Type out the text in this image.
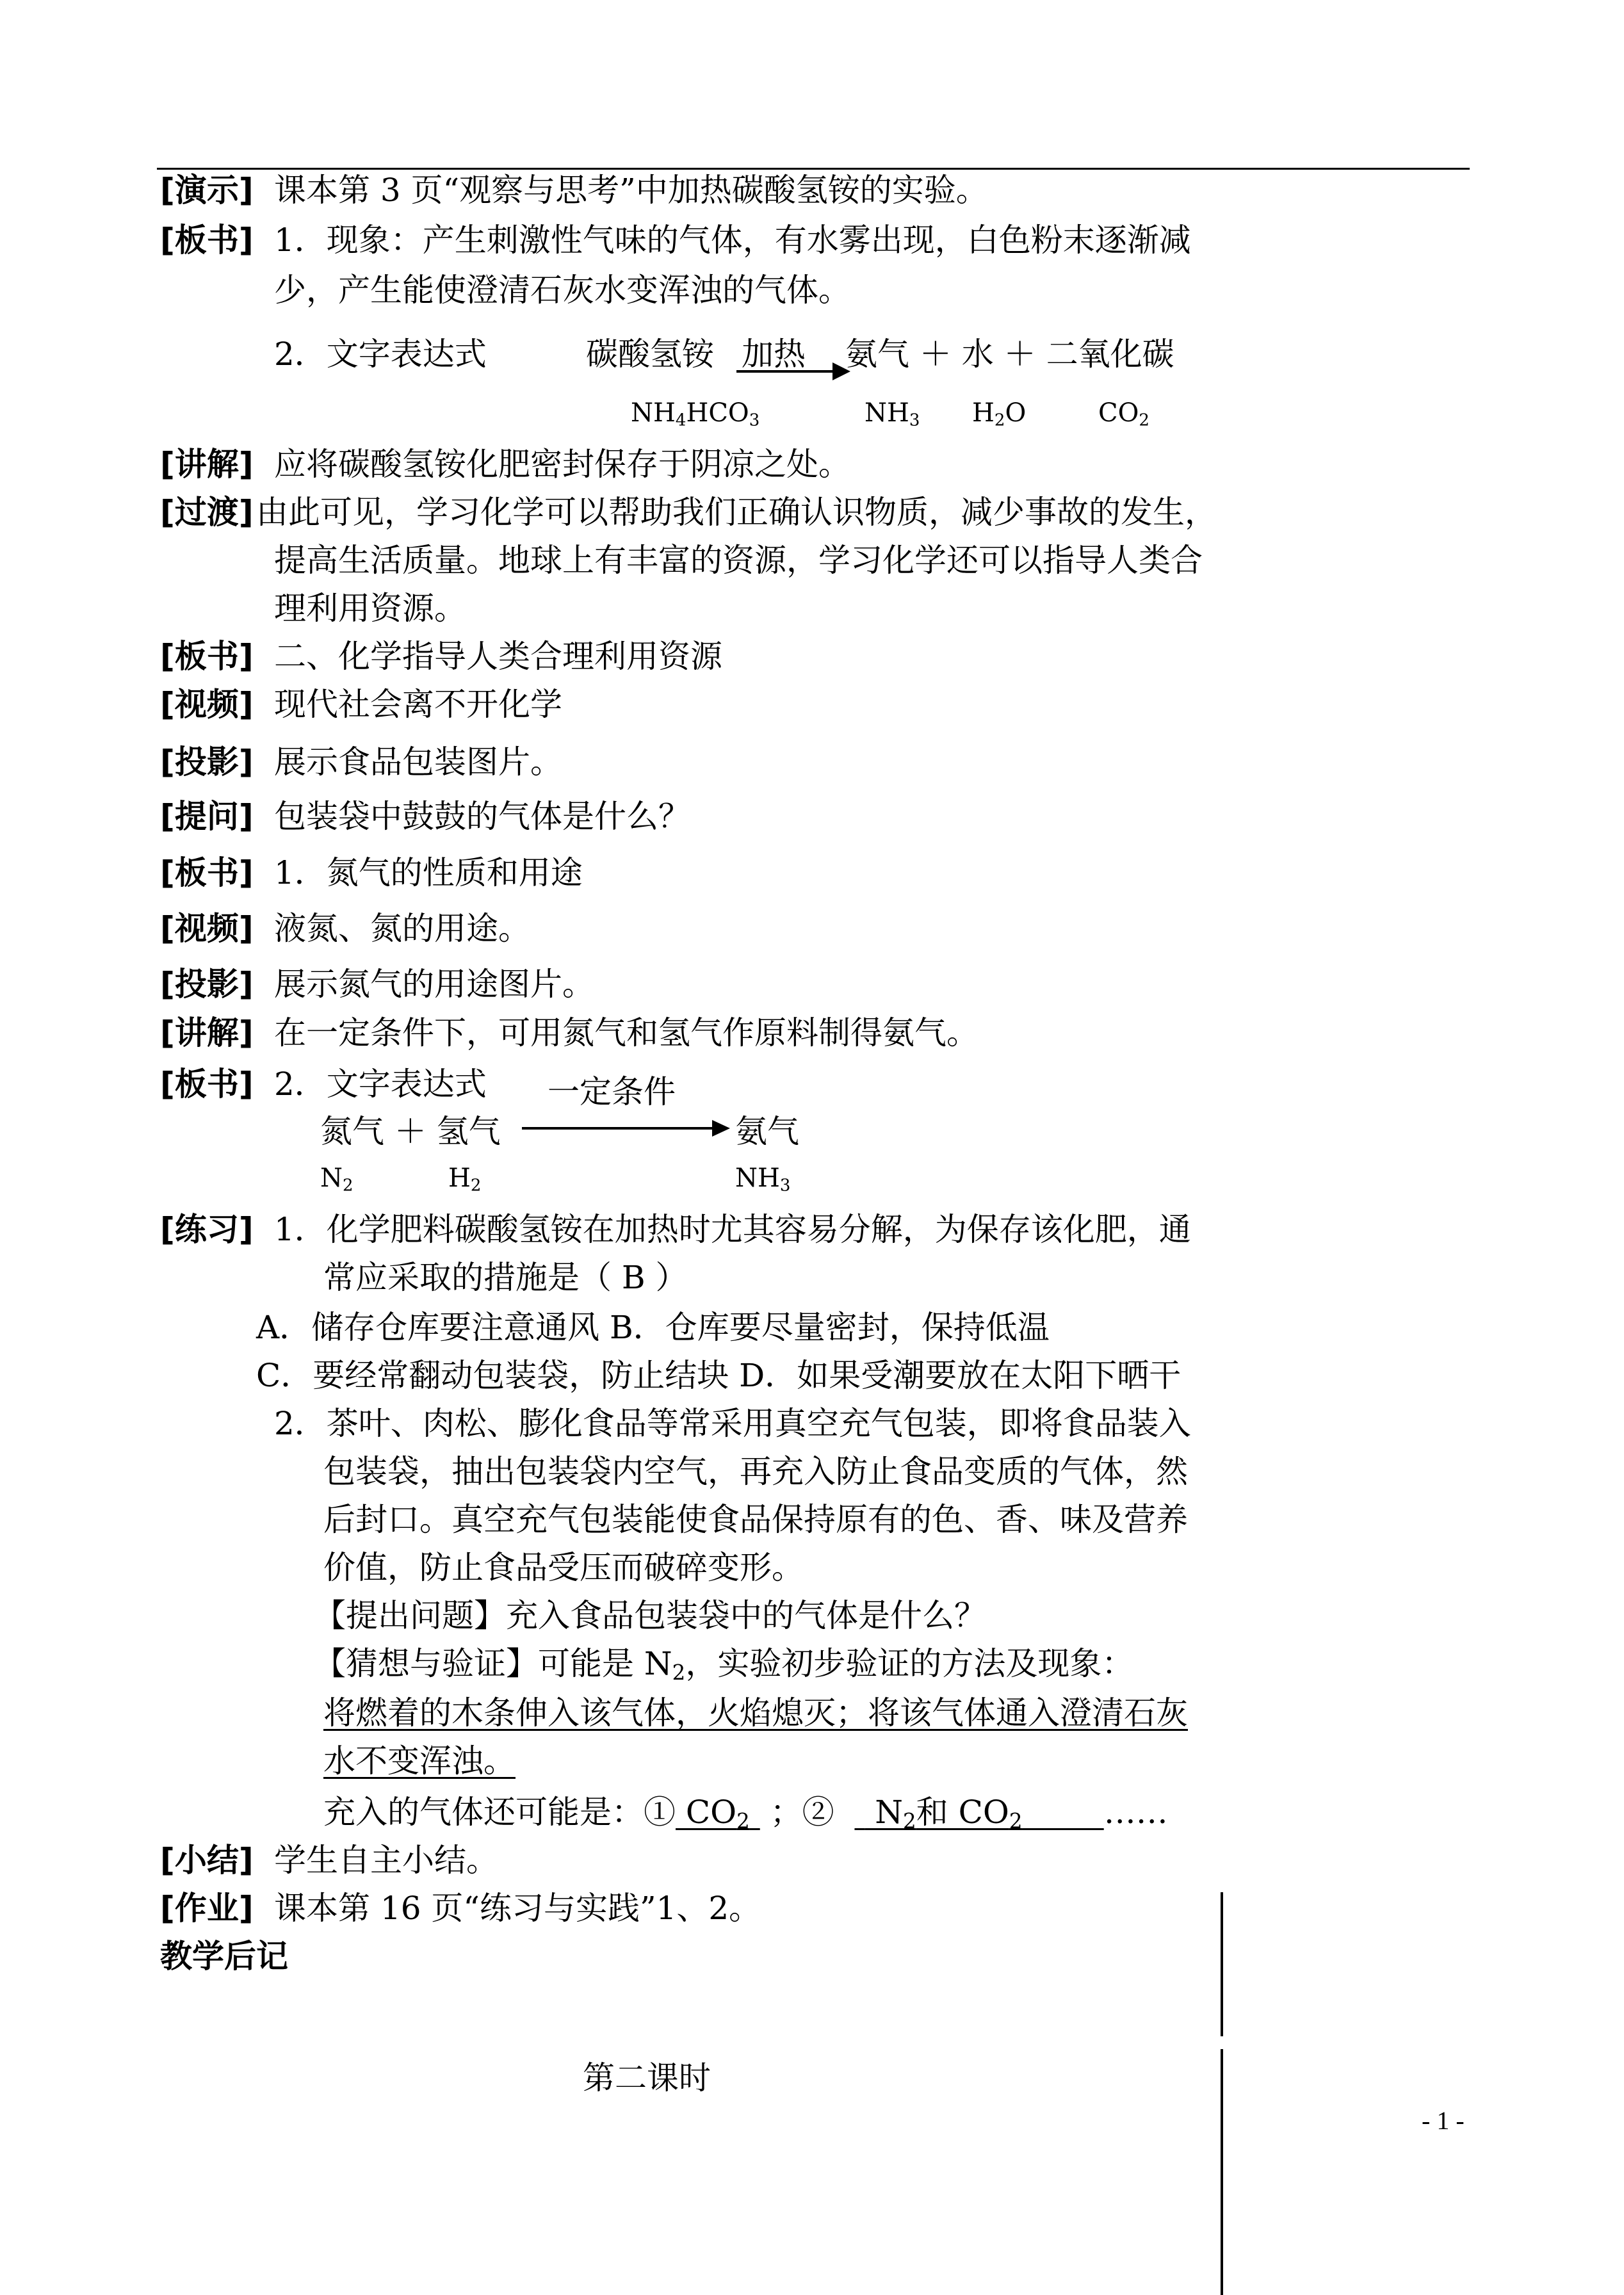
[演示] 课本第 3 页“观察与思考”中加热碳酸氢铵的实验。
[板书] 1．现象：产生刺激性气味的气体，有水雾出现，白色粉末逐渐减
少，产生能使澄清石灰水变浑浊的气体。
2．文字表达式	碳酸氢铵 加热 氨气 ＋ 水 ＋ 二氧化碳
$NH_4HCO_3$	$NH_3$ $H_2O$	$CO_2$
[讲解] 应将碳酸氢铵化肥密封保存于阴凉之处。
[过渡] 由此可见，学习化学可以帮助我们正确认识物质，减少事故的发生，
提高生活质量。地球上有丰富的资源，学习化学还可以指导人类合
理利用资源。
[板书] 二、化学指导人类合理利用资源
[视频] 现代社会离不开化学
[投影] 展示食品包装图片。
[提问] 包装袋中鼓鼓的气体是什么？
[板书] 1．氮气的性质和用途
[视频] 液氮、氮的用途。
[投影] 展示氮气的用途图片。
[讲解] 在一定条件下，可用氮气和氢气作原料制得氨气。
[板书] 2．文字表达式 一定条件
氮气 ＋ 氢气	氨气
$N_2$	$H_2$	$NH_3$
[练习] 1．化学肥料碳酸氢铵在加热时尤其容易分解，为保存该化肥，通
常应采取的措施是（ B ）
A．储存仓库要注意通风 B．仓库要尽量密封，保持低温
C．要经常翻动包装袋，防止结块 D．如果受潮要放在太阳下晒干
2．茶叶、肉松、膨化食品等常采用真空充气包装，即将食品装入
包装袋，抽出包装袋内空气，再充入防止食品变质的气体，然
后封口。真空充气包装能使食品保持原有的色、香、味及营养
价值，防止食品受压而破碎变形。
【提出问题】充入食品包装袋中的气体是什么？
【猜想与验证】可能是 $N_2$，实验初步验证的方法及现象：
将燃着的木条伸入该气体，火焰熄灭；将该气体通入澄清石灰
水不变浑浊。
充入的气体还可能是：① $CO_2$  ；②    $N_2$和 $CO_2$	……
[小结] 学生自主小结。
[作业] 课本第 16 页“练习与实践”1、2。
教学后记
第二课时
- 1 -
